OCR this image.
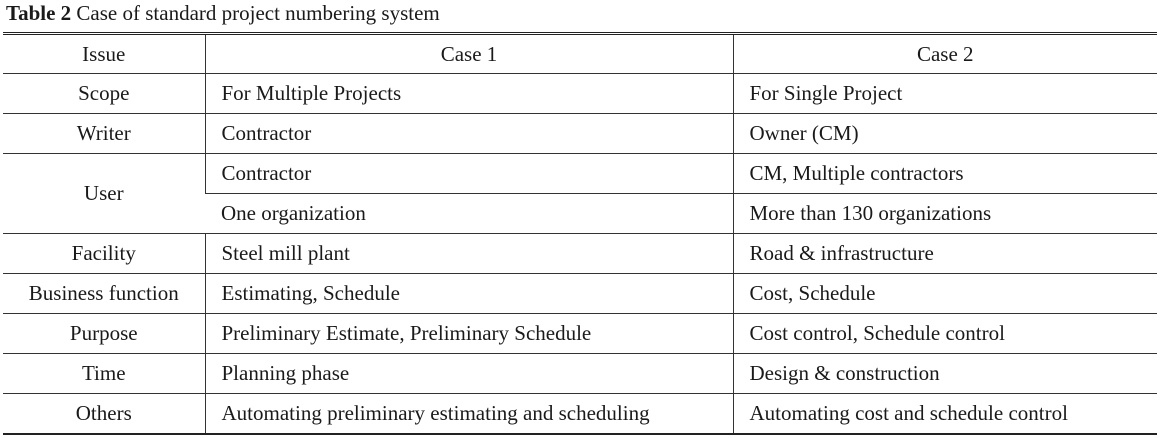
Table 2 Case of standard project numbering system
Issue	Case 1	Case 2
Scope	For Multiple Projects	For Single Project
Writer	Contractor	Owner (CM)
User	Contractor	CM, Multiple contractors
	One organization	More than 130 organizations
Facility	Steel mill plant	Road & infrastructure
Business function	Estimating, Schedule	Cost, Schedule
Purpose	Preliminary Estimate, Preliminary Schedule	Cost control, Schedule control
Time	Planning phase	Design & construction
Others	Automating preliminary estimating and scheduling	Automating cost and schedule control
